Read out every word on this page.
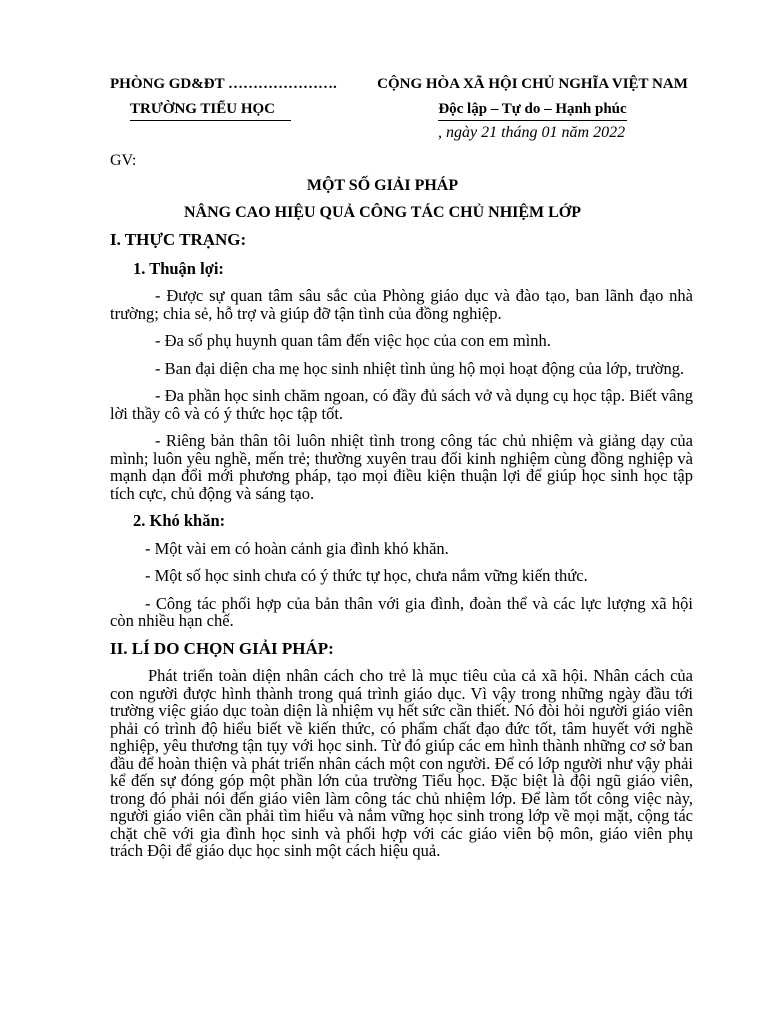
PHÒNG GD&ĐT ………………….
TRƯỜNG TIỂU HỌC
CỘNG HÒA XÃ HỘI CHỦ NGHĨA VIỆT NAM
Độc lập – Tự do – Hạnh phúc
, ngày 21 tháng 01 năm 2022
GV:
MỘT SỐ GIẢI PHÁP
NÂNG CAO HIỆU QUẢ CÔNG TÁC CHỦ NHIỆM LỚP

I. THỰC TRẠNG:

1. Thuận lợi:

- Được sự quan tâm sâu sắc của Phòng giáo dục và đào tạo, ban lãnh đạo nhà trường; chia sẻ, hỗ trợ và giúp đỡ tận tình của đồng nghiệp.

- Đa số phụ huynh quan tâm đến việc học của con em mình.

- Ban đại diện cha mẹ học sinh nhiệt tình ủng hộ mọi hoạt động của lớp, trường.

- Đa phần học sinh chăm ngoan, có đầy đủ sách vở và dụng cụ học tập. Biết vâng lời thầy cô và có ý thức học tập tốt.

- Riêng bản thân tôi luôn nhiệt tình trong công tác chủ nhiệm và giảng dạy của mình; luôn yêu nghề, mến trẻ; thường xuyên trau đối kinh nghiệm cùng đồng nghiệp và mạnh dạn đổi mới phương pháp, tạo mọi điều kiện thuận lợi để giúp học sinh học tập tích cực, chủ động và sáng tạo.

2. Khó khăn:

- Một vài em có hoàn cảnh gia đình khó khăn.

- Một số học sinh chưa có ý thức tự học, chưa nắm vững kiến thức.

- Công tác phối hợp của bản thân với gia đình, đoàn thể và các lực lượng xã hội còn nhiều hạn chế.

II. LÍ DO CHỌN GIẢI PHÁP:

Phát triển toàn diện nhân cách cho trẻ là mục tiêu của cả xã hội. Nhân cách của con người được hình thành trong quá trình giáo dục. Vì vậy trong những ngày đầu tới trường việc giáo dục toàn diện là nhiệm vụ hết sức cần thiết. Nó đòi hỏi người giáo viên phải có trình độ hiểu biết về kiến thức, có phẩm chất đạo đức tốt, tâm huyết với nghề nghiệp, yêu thương tận tụy với học sinh. Từ đó giúp các em hình thành những cơ sở ban đầu để hoàn thiện và phát triển nhân cách một con người. Để có lớp người như vậy phải kể đến sự đóng góp một phần lớn của trường Tiểu học. Đặc biệt là đội ngũ giáo viên, trong đó phải nói đến giáo viên làm công tác chủ nhiệm lớp. Để làm tốt công việc này, người giáo viên cần phải tìm hiểu và nắm vững học sinh trong lớp về mọi mặt, cộng tác chặt chẽ với gia đình học sinh và phối hợp với các giáo viên bộ môn, giáo viên phụ trách Đội để giáo dục học sinh một cách hiệu quả.
